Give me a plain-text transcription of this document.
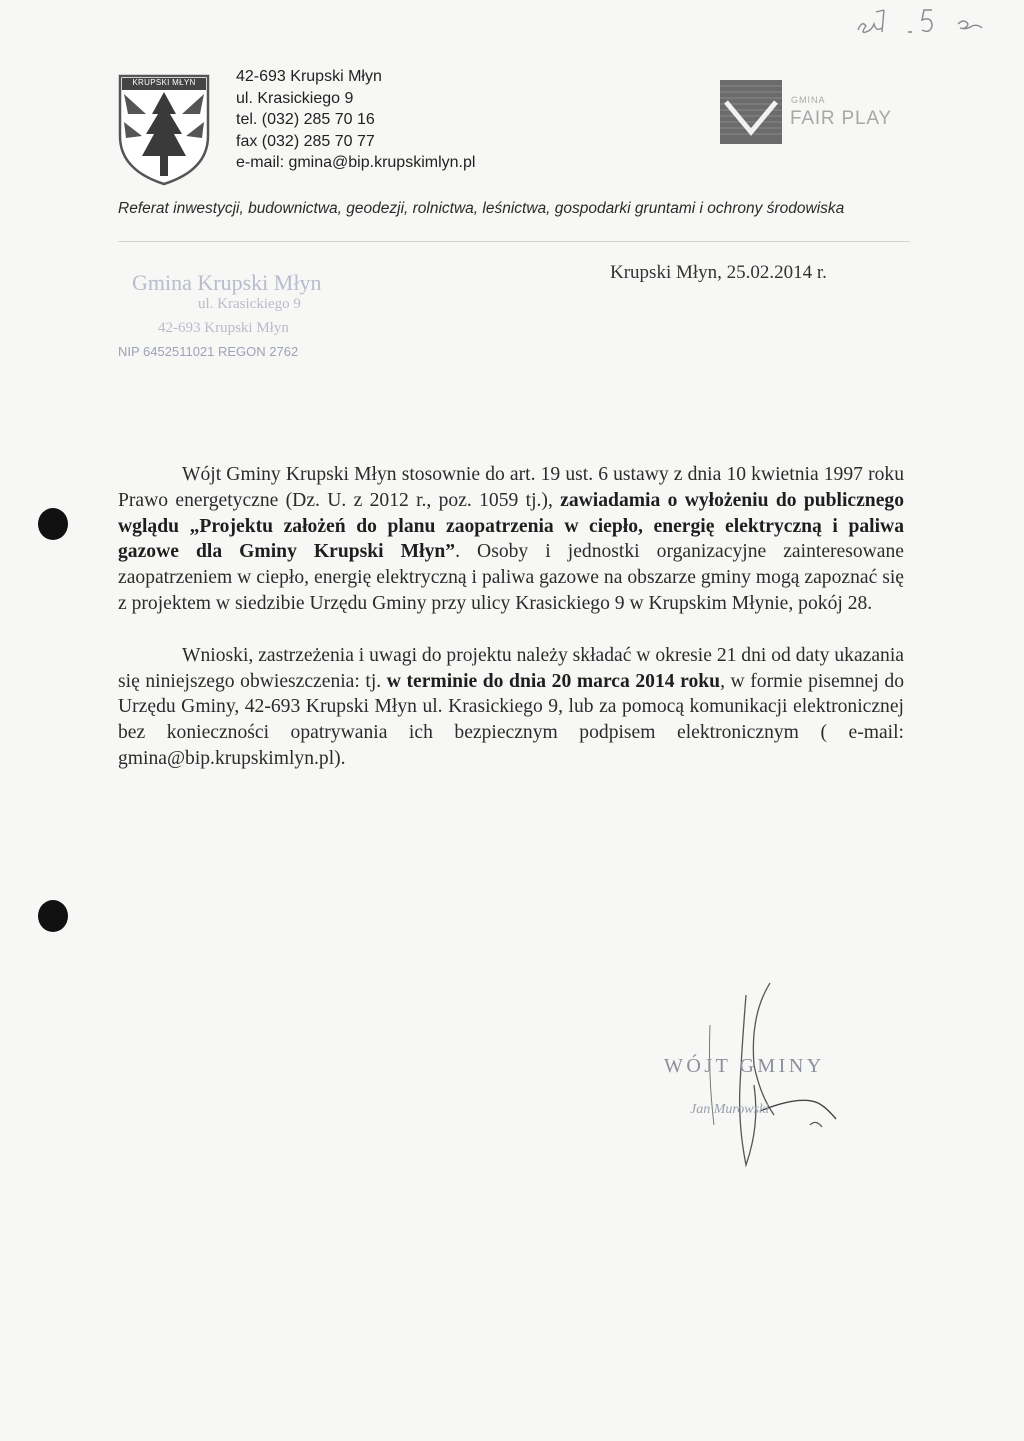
KRUPSKI MŁYN	42-693 Krupski Młyn
ul. Krasickiego 9
tel. (032) 285 70 16
fax (032) 285 70 77
e-mail: gmina@bip.krupskimlyn.pl
GMINA
FAIR PLAY
Referat inwestycji, budownictwa, geodezji, rolnictwa, leśnictwa, gospodarki gruntami i ochrony środowiska
Gmina Krupski Młyn
ul. Krasickiego 9
42-693 Krupski Młyn
NIP 6452511021 REGON 2762
Krupski Młyn, 25.02.2014 r.

Wójt Gminy Krupski Młyn stosownie do art. 19 ust. 6 ustawy z dnia 10 kwietnia 1997 roku Prawo energetyczne (Dz. U. z 2012 r., poz. 1059 tj.), zawiadamia o wyłożeniu do publicznego wglądu „Projektu założeń do planu zaopatrzenia w ciepło, energię elektryczną i paliwa gazowe dla Gminy Krupski Młyn”. Osoby i jednostki organizacyjne zainteresowane zaopatrzeniem w ciepło, energię elektryczną i paliwa gazowe na obszarze gminy mogą zapoznać się z projektem w siedzibie Urzędu Gminy przy ulicy Krasickiego 9 w Krupskim Młynie, pokój 28.

Wnioski, zastrzeżenia i uwagi do projektu należy składać w okresie 21 dni od daty ukazania się niniejszego obwieszczenia: tj. w terminie do dnia 20 marca 2014 roku, w formie pisemnej do Urzędu Gminy, 42-693 Krupski Młyn ul. Krasickiego 9, lub za pomocą komunikacji elektronicznej bez konieczności opatrywania ich bezpiecznym podpisem elektronicznym ( e-mail: gmina@bip.krupskimlyn.pl).

WÓJT GMINY
Jan Murowski
